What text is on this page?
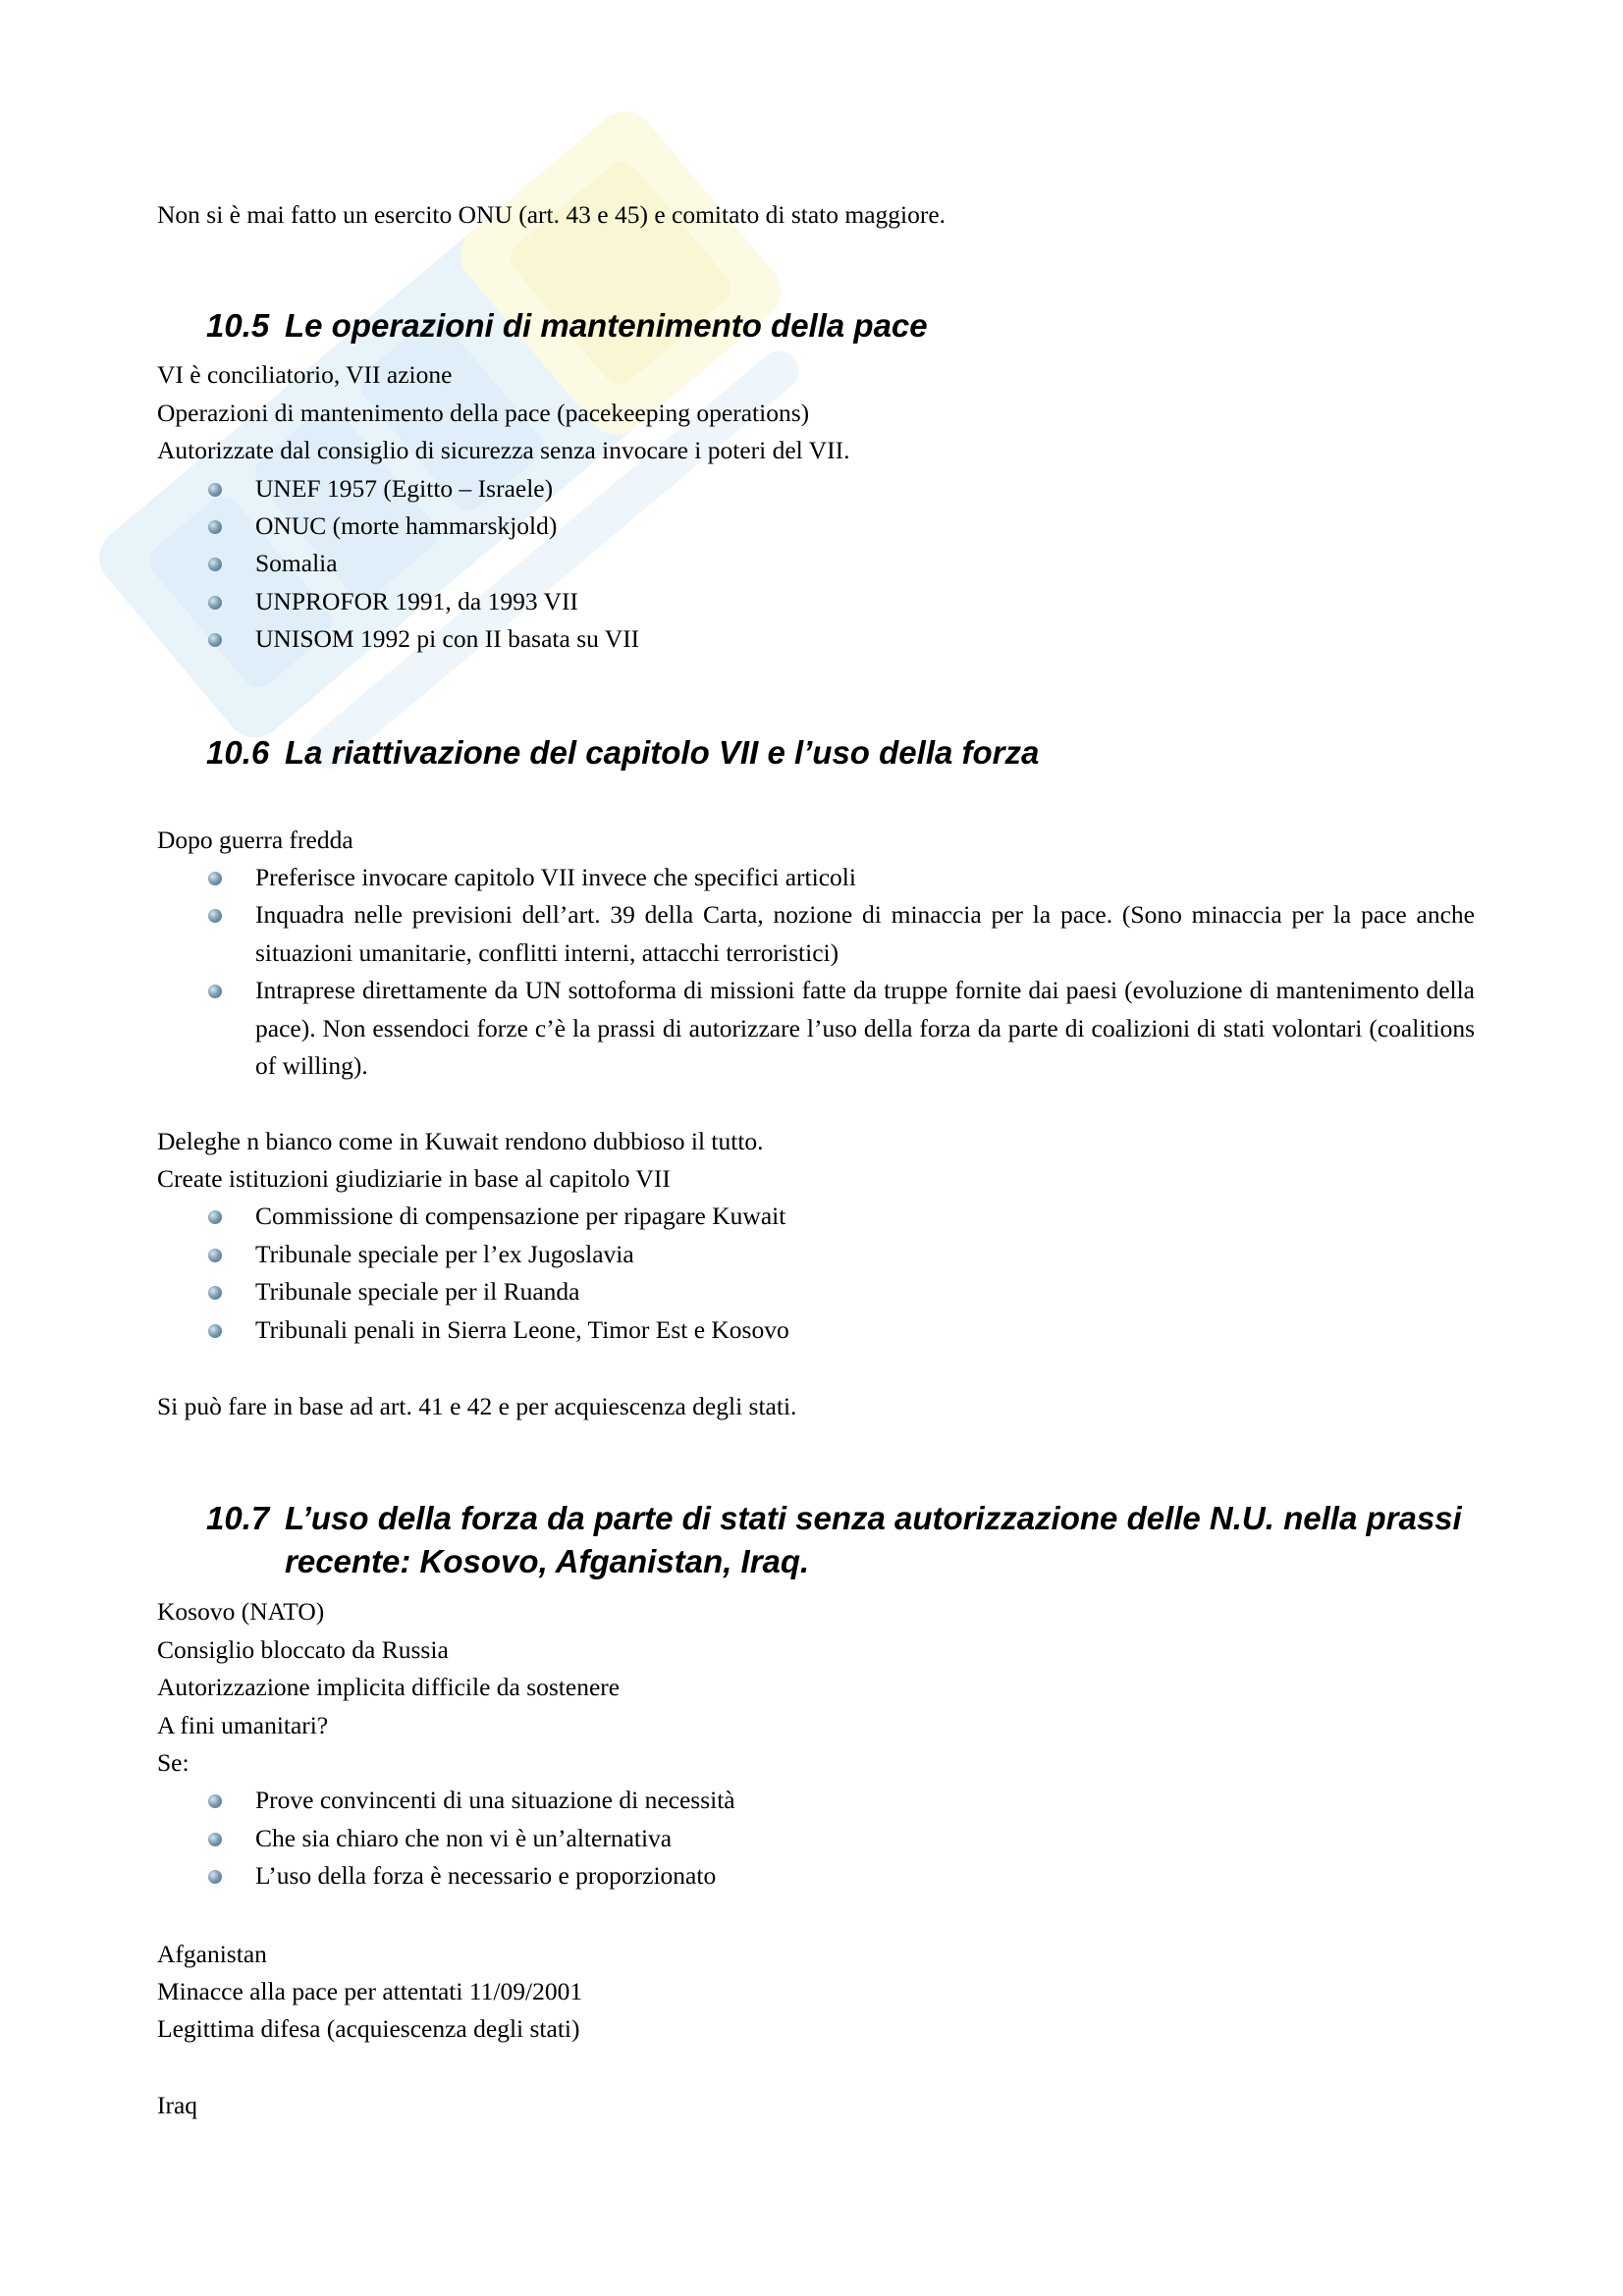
Non si è mai fatto un esercito ONU (art. 43 e 45) e comitato di stato maggiore.
10.5 Le operazioni di mantenimento della pace
VI è conciliatorio, VII azione
Operazioni di mantenimento della pace (pacekeeping operations)
Autorizzate dal consiglio di sicurezza senza invocare i poteri del VII.
UNEF 1957 (Egitto – Israele)
ONUC (morte hammarskjold)
Somalia
UNPROFOR 1991, da 1993 VII
UNISOM 1992 pi con II basata su VII
10.6 La riattivazione del capitolo VII e l’uso della forza
Dopo guerra fredda
Preferisce invocare capitolo VII invece che specifici articoli
Inquadra nelle previsioni dell’art. 39 della Carta, nozione di minaccia per la pace. (Sono minaccia per la pace anche situazioni umanitarie, conflitti interni, attacchi terroristici)
Intraprese direttamente da UN sottoforma di missioni fatte da truppe fornite dai paesi (evoluzione di mantenimento della pace). Non essendoci forze c’è la prassi di autorizzare l’uso della forza da parte di coalizioni di stati volontari (coalitions of willing).
Deleghe n bianco come in Kuwait rendono dubbioso il tutto.
Create istituzioni giudiziarie in base al capitolo VII
Commissione di compensazione per ripagare Kuwait
Tribunale speciale per l’ex Jugoslavia
Tribunale speciale per il Ruanda
Tribunali penali in Sierra Leone, Timor Est e Kosovo
Si può fare in base ad art. 41 e 42 e per acquiescenza degli stati.
10.7 L’uso della forza da parte di stati senza autorizzazione delle N.U. nella prassi recente: Kosovo, Afganistan, Iraq.
Kosovo (NATO)
Consiglio bloccato da Russia
Autorizzazione implicita difficile da sostenere
A fini umanitari?
Se:
Prove convincenti di una situazione di necessità
Che sia chiaro che non vi è un’alternativa
L’uso della forza è necessario e proporzionato
Afganistan
Minacce alla pace per attentati 11/09/2001
Legittima difesa (acquiescenza degli stati)
Iraq
